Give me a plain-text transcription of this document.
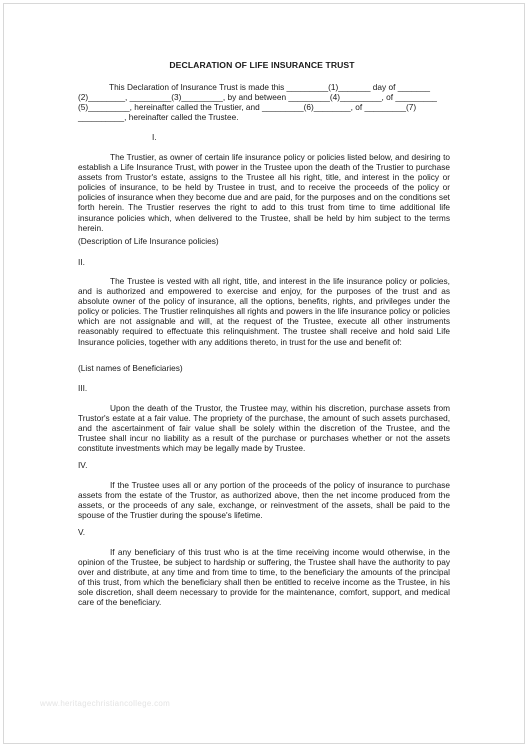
DECLARATION OF LIFE INSURANCE TRUST
This Declaration of Insurance Trust is made this _________(1)_______ day of _______
(2)________, _________(3)_________, by and between _________(4)_________, of _________
(5)_________, hereinafter called the Trustier, and _________(6)________, of _________(7)
__________, hereinafter called the Trustee.
I.

The Trustier, as owner of certain life insurance policy or policies listed below, and desiring to establish a Life Insurance Trust, with power in the Trustee upon the death of the Trustier to purchase assets from Trustor's estate, assigns to the Trustee all his right, title, and interest in the policy or policies of insurance, to be held by Trustee in trust, and to receive the proceeds of the policy or policies of insurance when they become due and are paid, for the purposes and on the conditions set forth herein. The Trustier reserves the right to add to this trust from time to time additional life insurance policies which, when delivered to the Trustee, shall be held by him subject to the terms herein.

(Description of Life Insurance policies)
II.

The Trustee is vested with all right, title, and interest in the life insurance policy or policies, and is authorized and empowered to exercise and enjoy, for the purposes of the trust and as absolute owner of the policy of insurance, all the options, benefits, rights, and privileges under the policy or policies. The Trustier relinquishes all rights and powers in the life insurance policy or policies which are not assignable and will, at the request of the Trustee, execute all other instruments reasonably required to effectuate this relinquishment. The trustee shall receive and hold said Life Insurance policies, together with any additions thereto, in trust for the use and benefit of:

(List names of Beneficiaries)
III.

Upon the death of the Trustor, the Trustee may, within his discretion, purchase assets from Trustor's estate at a fair value. The propriety of the purchase, the amount of such assets purchased, and the ascertainment of fair value shall be solely within the discretion of the Trustee, and the Trustee shall incur no liability as a result of the purchase or purchases whether or not the assets constitute investments which may be legally made by Trustee.

IV.

If the Trustee uses all or any portion of the proceeds of the policy of insurance to purchase assets from the estate of the Trustor, as authorized above, then the net income produced from the assets, or the proceeds of any sale, exchange, or reinvestment of the assets, shall be paid to the spouse of the Trustier during the spouse's lifetime.

V.

If any beneficiary of this trust who is at the time receiving income would otherwise, in the opinion of the Trustee, be subject to hardship or suffering, the Trustee shall have the authority to pay over and distribute, at any time and from time to time, to the beneficiary the amounts of the principal of this trust, from which the beneficiary shall then be entitled to receive income as the Trustee, in his sole discretion, shall deem necessary to provide for the maintenance, comfort, support, and medical care of the beneficiary.

www.heritagechristiancollege.com
